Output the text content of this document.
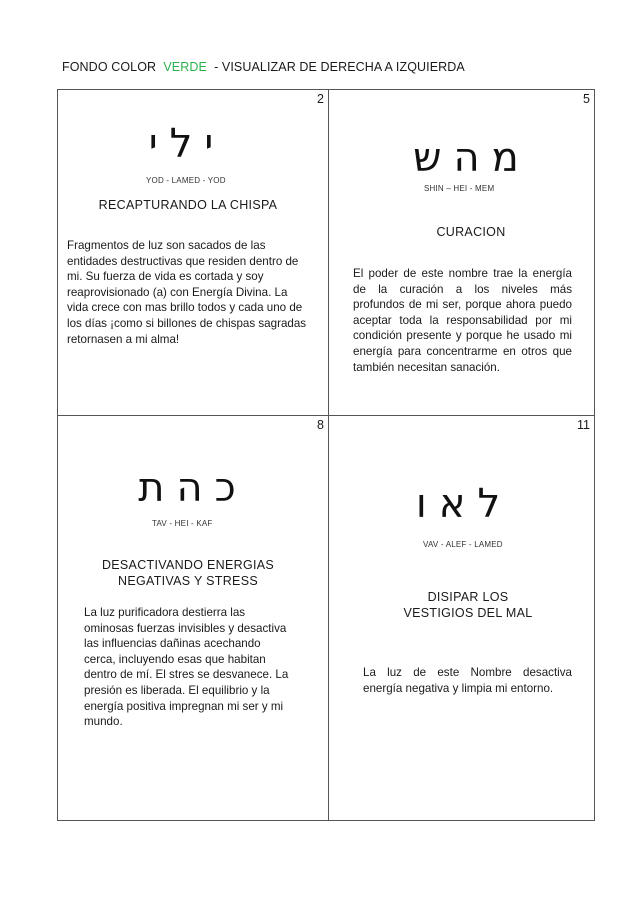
FONDO COLOR VERDE - VISUALIZAR DE DERECHA A IZQUIERDA
2
ילי
YOD - LAMED - YOD
RECAPTURANDO LA CHISPA
Fragmentos de luz son sacados de las entidades destructivas que residen dentro de mi. Su fuerza de vida es cortada y soy reaprovisionado (a) con Energía Divina. La vida crece con mas brillo todos y cada uno de los días ¡como si billones de chispas sagradas retornasen a mi alma!
5
מהש
SHIN – HEI - MEM
CURACION
El poder de este nombre trae la energía de la curación a los niveles más profundos de mi ser, porque ahora puedo aceptar toda la responsabilidad por mi condición presente y porque he usado mi energía para concentrarme en otros que también necesitan sanación.
8
כהת
TAV - HEI - KAF
DESACTIVANDO ENERGIAS NEGATIVAS Y STRESS
La luz purificadora destierra las ominosas fuerzas invisibles y desactiva las influencias dañinas acechando cerca, incluyendo esas que habitan dentro de mí. El stres se desvanece. La presión es liberada. El equilibrio y la energía positiva impregnan mi ser y mi mundo.
11
לאו
VAV - ALEF - LAMED
DISIPAR LOS VESTIGIOS DEL MAL
La luz de este Nombre desactiva energía negativa y limpia mi entorno.
